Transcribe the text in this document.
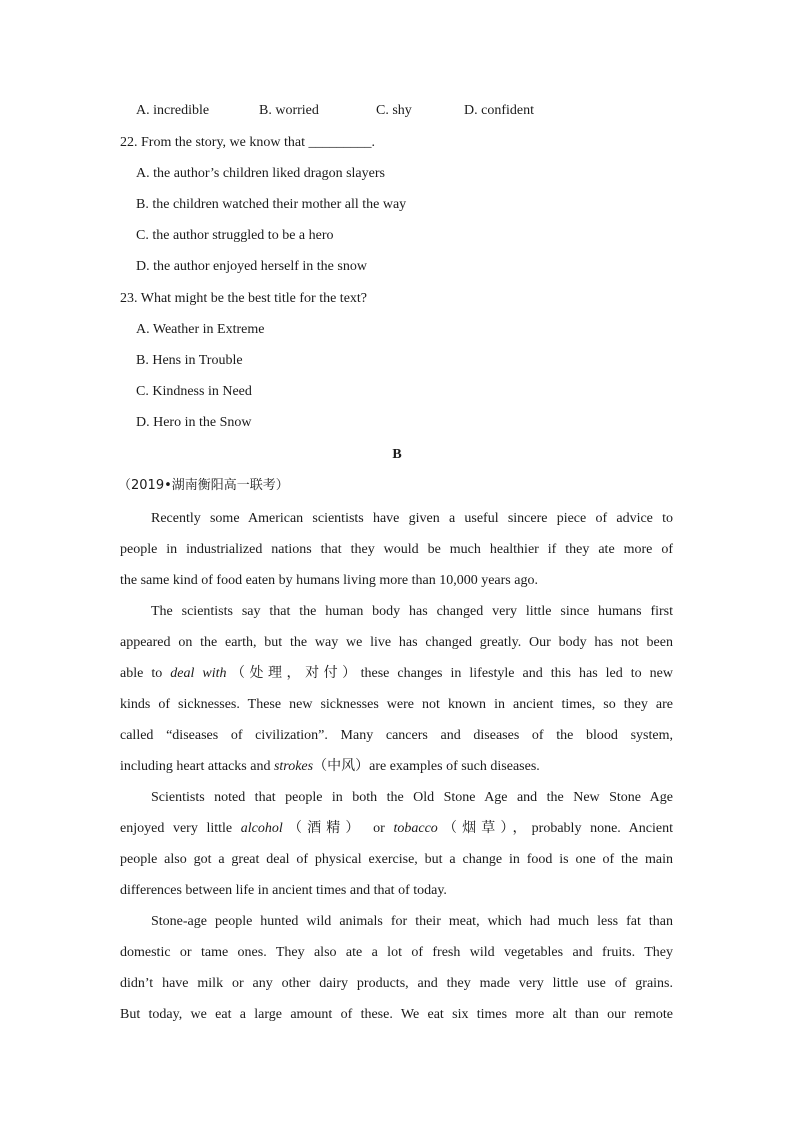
A. incredible	B. worried	C. shy	D. confident
22. From the story, we know that _________.
A. the author’s children liked dragon slayers
B. the children watched their mother all the way
C. the author struggled to be a hero
D. the author enjoyed herself in the snow
23. What might be the best title for the text?
A. Weather in Extreme
B. Hens in Trouble
C. Kindness in Need
D. Hero in the Snow
B
（2019•湖南衡阳高一联考）
Recently some American scientists have given a useful sincere piece of advice to
people in industrialized nations that they would be much healthier if they ate more of
the same kind of food eaten by humans living more than 10,000 years ago.
The scientists say that the human body has changed very little since humans first
appeared on the earth, but the way we live has changed greatly. Our body has not been
able to deal with（处理，对付）these changes in lifestyle and this has led to new
kinds of sicknesses. These new sicknesses were not known in ancient times, so they are
called “diseases of civilization”. Many cancers and diseases of the blood system,
including heart attacks and strokes（中风）are examples of such diseases.
Scientists noted that people in both the Old Stone Age and the New Stone Age
enjoyed very little alcohol（酒精） or tobacco（烟草），probably none. Ancient
people also got a great deal of physical exercise, but a change in food is one of the main
differences between life in ancient times and that of today.
Stone-age people hunted wild animals for their meat, which had much less fat than
domestic or tame ones. They also ate a lot of fresh wild vegetables and fruits. They
didn’t have milk or any other dairy products, and they made very little use of grains.
But today, we eat a large amount of these. We eat six times more alt than our remote
